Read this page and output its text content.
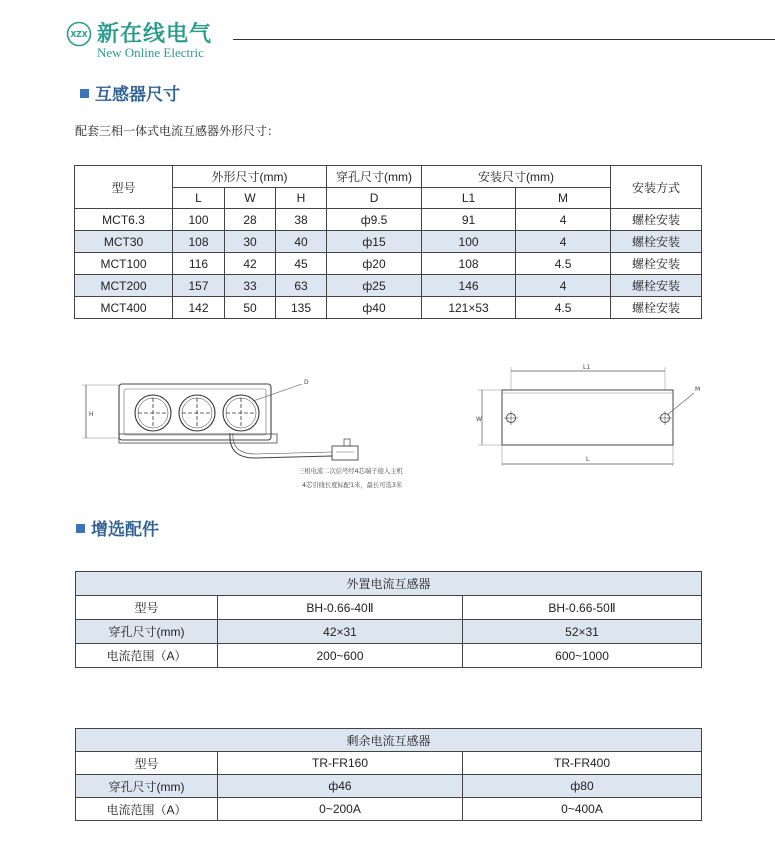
XZX 新在线电气
New Online Electric
互感器尺寸
配套三相一体式电流互感器外形尺寸：
型号	外形尺寸(mm)			穿孔尺寸(mm)	安装尺寸(mm)		安装方式
	L	W	H	D	L1	M	
MCT6.3	100	28	38	ф9.5	91	4	螺栓安装
MCT30	108	30	40	ф15	100	4	螺栓安装
MCT100	116	42	45	ф20	108	4.5	螺栓安装
MCT200	157	33	63	ф25	146	4	螺栓安装
MCT400	142	50	135	ф40	121×53	4.5	螺栓安装
H
D
三相电流二次信号经4芯端子接入主机
4芯引线长度标配1米，最长可选3米
L1
W
M
L
增选配件
外置电流互感器		
型号	BH-0.66-40Ⅱ	BH-0.66-50Ⅱ
穿孔尺寸(mm)	42×31	52×31
电流范围（A）	200~600	600~1000
剩余电流互感器		
型号	TR-FR160	TR-FR400
穿孔尺寸(mm)	ф46	ф80
电流范围（A）	0~200A	0~400A
